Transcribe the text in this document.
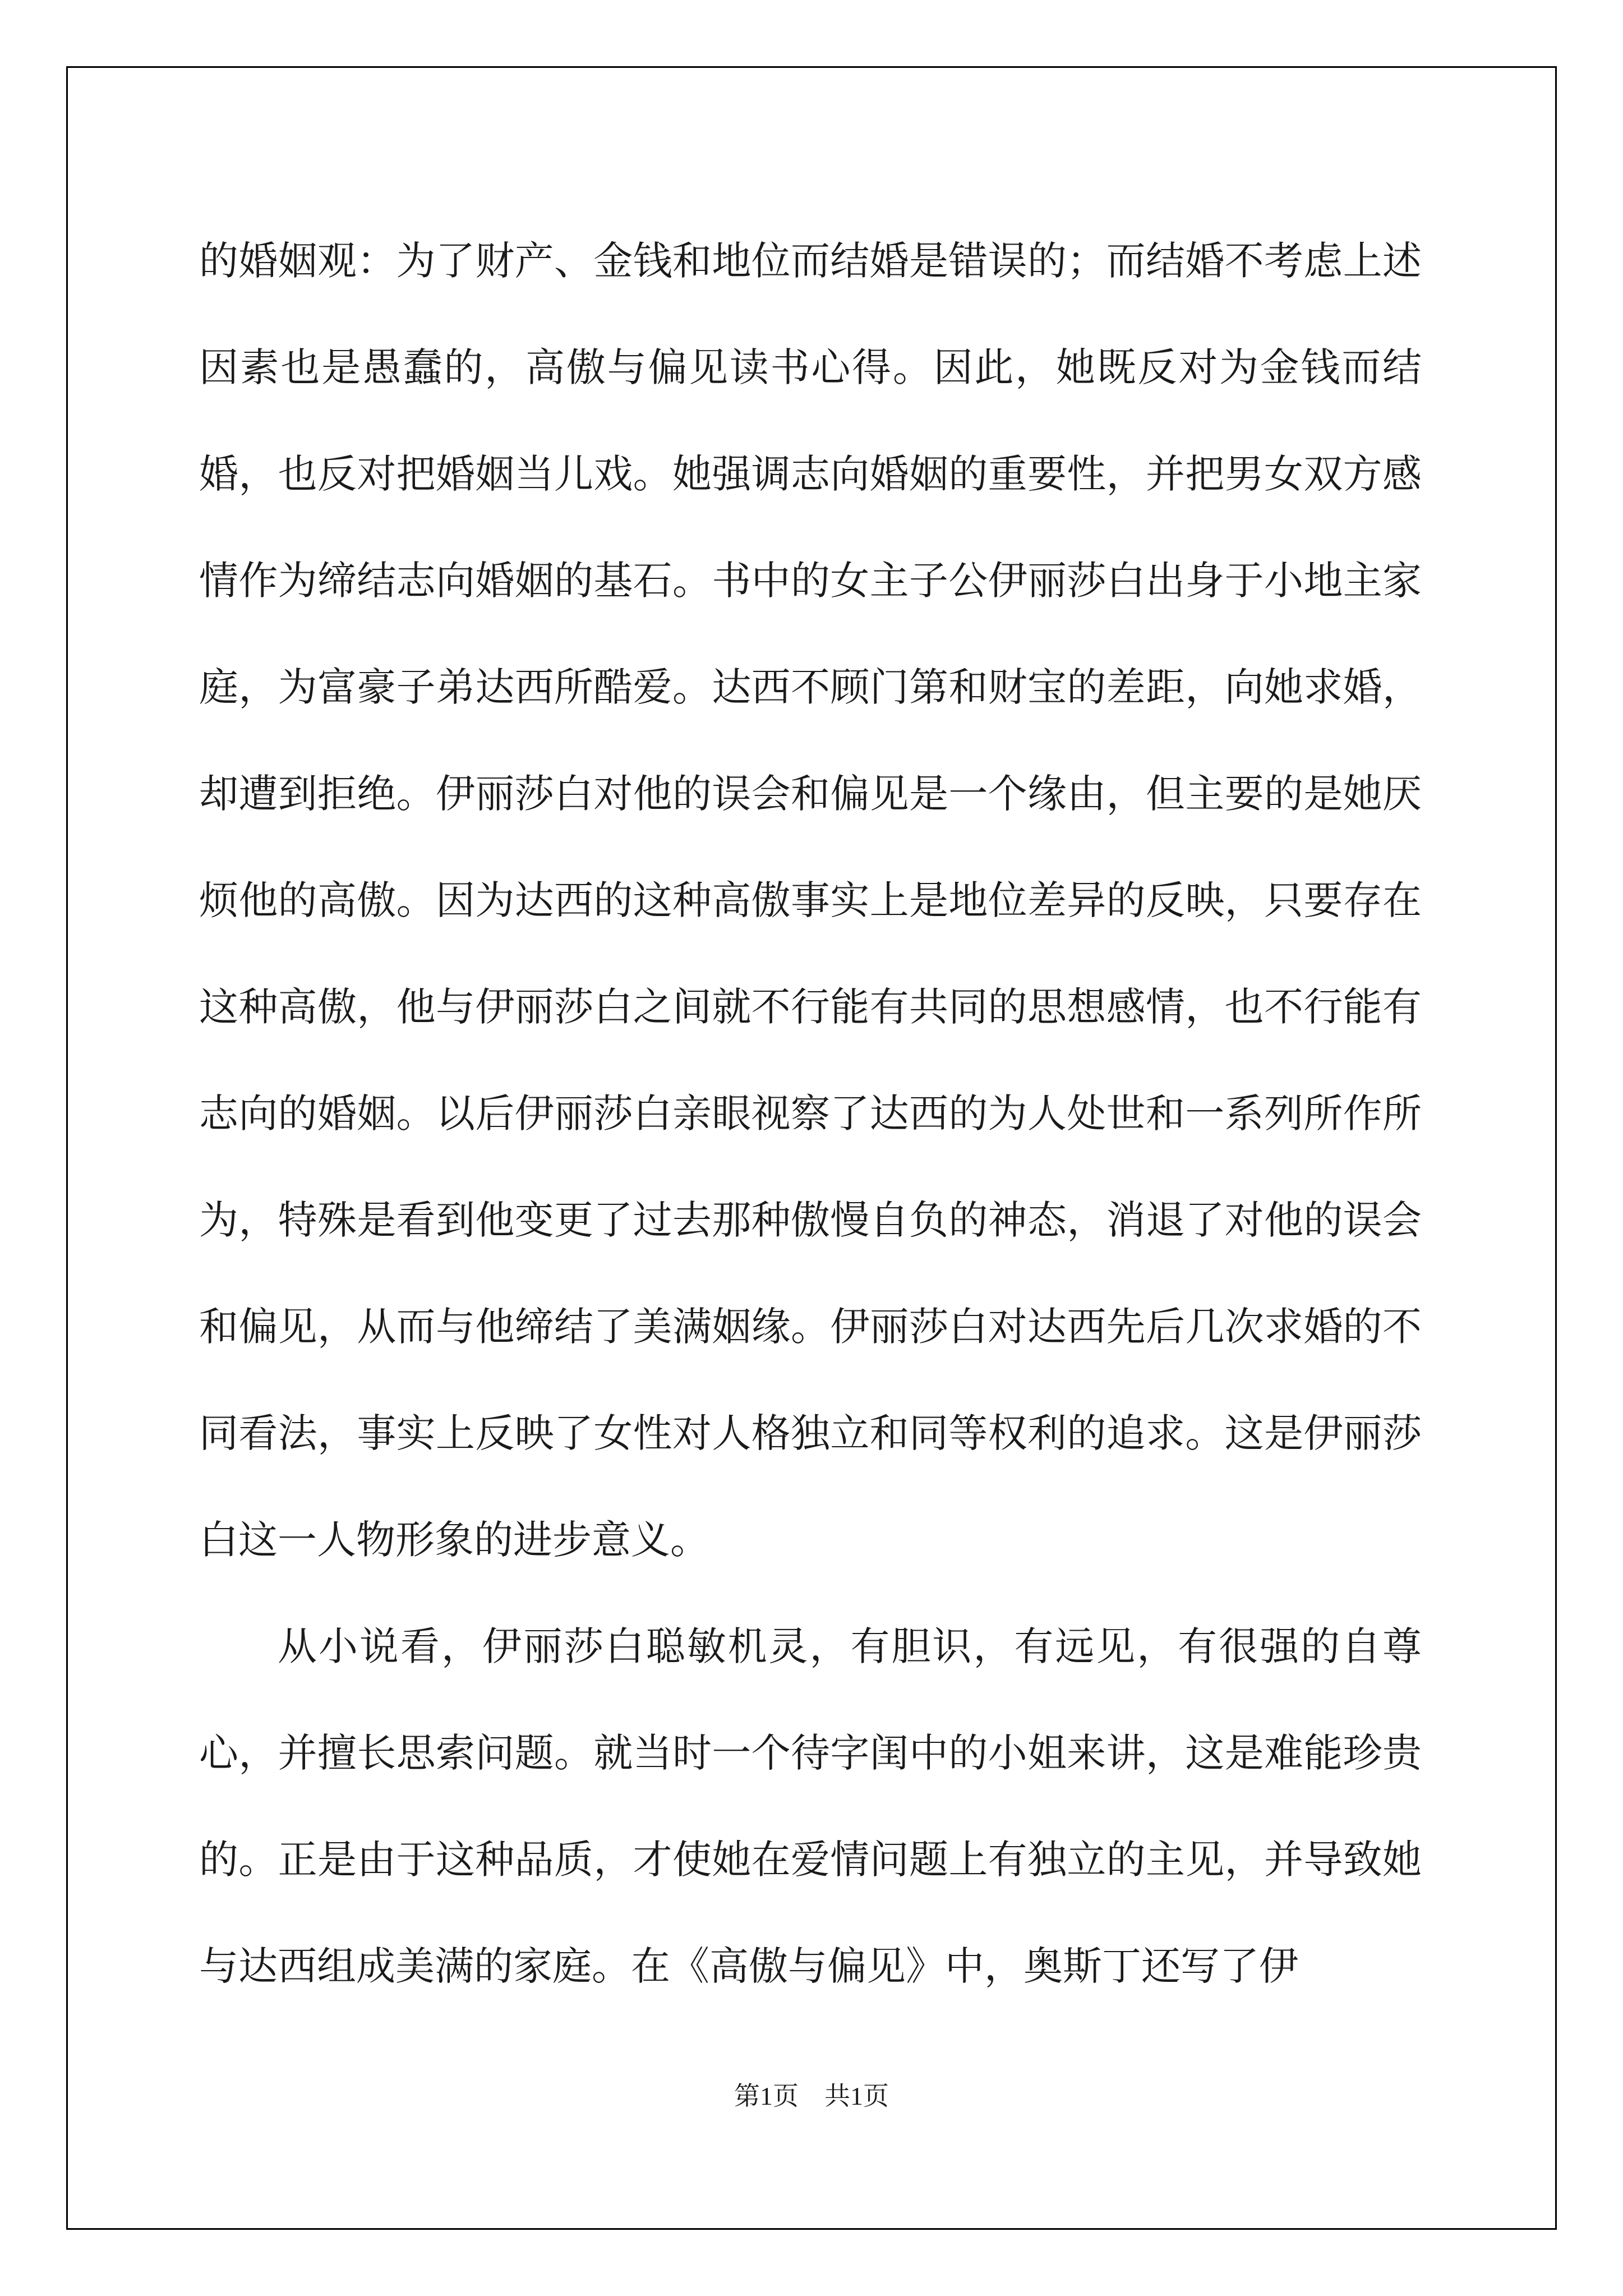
的婚姻观：为了财产、金钱和地位而结婚是错误的；而结婚不考虑上述因素也是愚蠢的，高傲与偏见读书心得。因此，她既反对为金钱而结婚，也反对把婚姻当儿戏。她强调志向婚姻的重要性，并把男女双方感情作为缔结志向婚姻的基石。书中的女主子公伊丽莎白出身于小地主家庭，为富豪子弟达西所酷爱。达西不顾门第和财宝的差距，向她求婚，却遭到拒绝。伊丽莎白对他的误会和偏见是一个缘由，但主要的是她厌烦他的高傲。因为达西的这种高傲事实上是地位差异的反映，只要存在这种高傲，他与伊丽莎白之间就不行能有共同的思想感情，也不行能有志向的婚姻。以后伊丽莎白亲眼视察了达西的为人处世和一系列所作所为，特殊是看到他变更了过去那种傲慢自负的神态，消退了对他的误会和偏见，从而与他缔结了美满姻缘。伊丽莎白对达西先后几次求婚的不同看法，事实上反映了女性对人格独立和同等权利的追求。这是伊丽莎白这一人物形象的进步意义。

从小说看，伊丽莎白聪敏机灵，有胆识，有远见，有很强的自尊心，并擅长思索问题。就当时一个待字闺中的小姐来讲，这是难能珍贵的。正是由于这种品质，才使她在爱情问题上有独立的主见，并导致她与达西组成美满的家庭。在《高傲与偏见》中，奥斯丁还写了伊

第1页 共1页
